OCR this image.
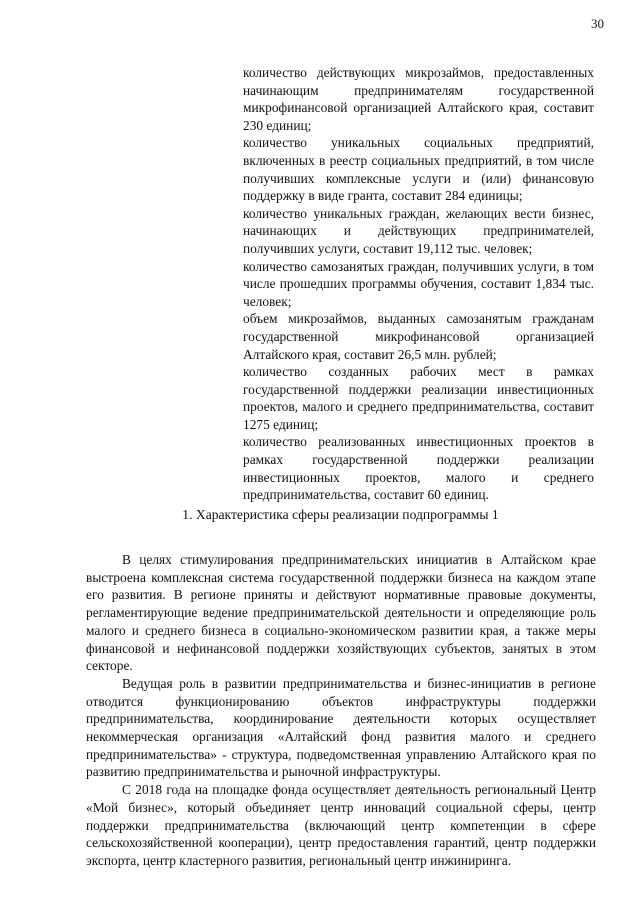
30

количество действующих микрозаймов, предоставленных начинающим предпринимателям государственной микрофинансовой организацией Алтайского края, составит 230 единиц;

количество уникальных социальных предприятий, включенных в реестр социальных предприятий, в том числе получивших комплексные услуги и (или) финансовую поддержку в виде гранта, составит 284 единицы;

количество уникальных граждан, желающих вести бизнес, начинающих и действующих предпринимателей, получивших услуги, составит 19,112 тыс. человек;

количество самозанятых граждан, получивших услуги, в том числе прошедших программы обучения, составит 1,834 тыс. человек;

объем микрозаймов, выданных самозанятым гражданам государственной микрофинансовой организацией Алтайского края, составит 26,5 млн. рублей;

количество созданных рабочих мест в рамках государственной поддержки реализации инвестиционных проектов, малого и среднего предпринимательства, составит 1275 единиц;

количество реализованных инвестиционных проектов в рамках государственной поддержки реализации инвестиционных проектов, малого и среднего предпринимательства, составит 60 единиц.

1. Характеристика сферы реализации подпрограммы 1

В целях стимулирования предпринимательских инициатив в Алтайском крае выстроена комплексная система государственной поддержки бизнеса на каждом этапе его развития. В регионе приняты и действуют нормативные правовые документы, регламентирующие ведение предпринимательской деятельности и определяющие роль малого и среднего бизнеса в социально-экономическом развитии края, а также меры финансовой и нефинансовой поддержки хозяйствующих субъектов, занятых в этом секторе.

Ведущая роль в развитии предпринимательства и бизнес-инициатив в регионе отводится функционированию объектов инфраструктуры поддержки предпринимательства, координирование деятельности которых осуществляет некоммерческая организация «Алтайский фонд развития малого и среднего предпринимательства» - структура, подведомственная управлению Алтайского края по развитию предпринимательства и рыночной инфраструктуры.

С 2018 года на площадке фонда осуществляет деятельность региональный Центр «Мой бизнес», который объединяет центр инноваций социальной сферы, центр поддержки предпринимательства (включающий центр компетенции в сфере сельскохозяйственной кооперации), центр предоставления гарантий, центр поддержки экспорта, центр кластерного развития, региональный центр инжиниринга.
